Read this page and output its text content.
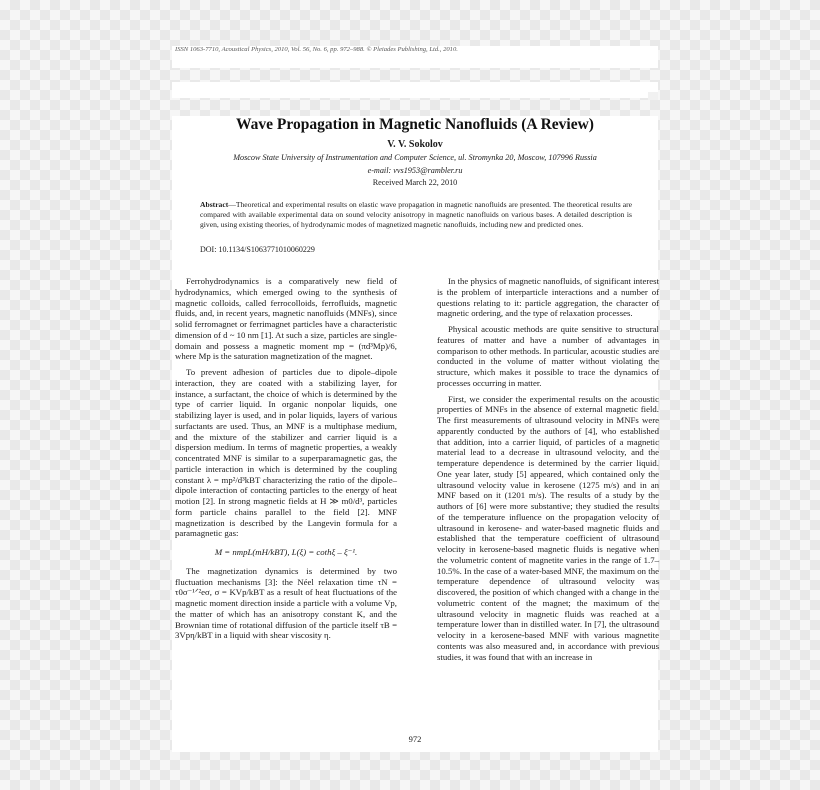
ISSN 1063-7710, Acoustical Physics, 2010, Vol. 56, No. 6, pp. 972–988. © Pleiades Publishing, Ltd., 2010.
Wave Propagation in Magnetic Nanofluids (A Review)
V. V. Sokolov
Moscow State University of Instrumentation and Computer Science, ul. Stromynka 20, Moscow, 107996 Russia
e-mail: vvs1953@rambler.ru
Received March 22, 2010

Abstract—Theoretical and experimental results on elastic wave propagation in magnetic nanofluids are presented. The theoretical results are compared with available experimental data on sound velocity anisotropy in magnetic nanofluids on various bases. A detailed description is given, using existing theories, of hydrodynamic modes of magnetized magnetic nanofluids, including new and predicted ones.

DOI: 10.1134/S1063771010060229

Ferrohydrodynamics is a comparatively new field of hydrodynamics, which emerged owing to the synthesis of magnetic colloids, called ferrocolloids, ferrofluids, magnetic fluids, and, in recent years, magnetic nanofluids (MNFs), since solid ferromagnet or ferrimagnet particles have a characteristic dimension of d ~ 10 nm [1]. At such a size, particles are single-domain and possess a magnetic moment mp = (πd³Mp)/6, where Mp is the saturation magnetization of the magnet.

To prevent adhesion of particles due to dipole–dipole interaction, they are coated with a stabilizing layer, for instance, a surfactant, the choice of which is determined by the type of carrier liquid. In organic nonpolar liquids, one stabilizing layer is used, and in polar liquids, layers of various surfactants are used. Thus, an MNF is a multiphase medium, and the mixture of the stabilizer and carrier liquid is a dispersion medium. In terms of magnetic properties, a weakly concentrated MNF is similar to a superparamagnetic gas, the particle interaction in which is determined by the coupling constant λ = mp²/d³kBT characterizing the ratio of the dipole–dipole interaction of contacting particles to the energy of heat motion [2]. In strong magnetic fields at H ≫ m0/d³, particles form particle chains parallel to the field [2]. MNF magnetization is described by the Langevin formula for a paramagnetic gas:

M = nmpL(mH/kBT), L(ξ) = cothξ – ξ⁻¹.

The magnetization dynamics is determined by two fluctuation mechanisms [3]: the Néel relaxation time τN = τ0σ⁻¹ᐟ²eσ, σ = KVp/kBT as a result of heat fluctuations of the magnetic moment direction inside a particle with a volume Vp, the matter of which has an anisotropy constant K, and the Brownian time of rotational diffusion of the particle itself τB = 3Vpη/kBT in a liquid with shear viscosity η.

In the physics of magnetic nanofluids, of significant interest is the problem of interparticle interactions and a number of questions relating to it: particle aggregation, the character of magnetic ordering, and the type of relaxation processes.

Physical acoustic methods are quite sensitive to structural features of matter and have a number of advantages in comparison to other methods. In particular, acoustic studies are conducted in the volume of matter without violating the structure, which makes it possible to trace the dynamics of processes occurring in matter.

First, we consider the experimental results on the acoustic properties of MNFs in the absence of external magnetic field. The first measurements of ultrasound velocity in MNFs were apparently conducted by the authors of [4], who established that addition, into a carrier liquid, of particles of a magnetic material lead to a decrease in ultrasound velocity, and the temperature dependence is determined by the carrier liquid. One year later, study [5] appeared, which contained only the ultrasound velocity value in kerosene (1275 m/s) and in an MNF based on it (1201 m/s). The results of a study by the authors of [6] were more substantive; they studied the results of the temperature influence on the propagation velocity of ultrasound in kerosene- and water-based magnetic fluids and established that the temperature coefficient of ultrasound velocity in kerosene-based magnetic fluids is negative when the volumetric content of magnetite varies in the range of 1.7–10.5%. In the case of a water-based MNF, the maximum on the temperature dependence of ultrasound velocity was discovered, the position of which changed with a change in the volumetric content of the magnet; the maximum of the ultrasound velocity in magnetic fluids was reached at a temperature lower than in distilled water. In [7], the ultrasound velocity in a kerosene-based MNF with various magnetite contents was also measured and, in accordance with previous studies, it was found that with an increase in

972
